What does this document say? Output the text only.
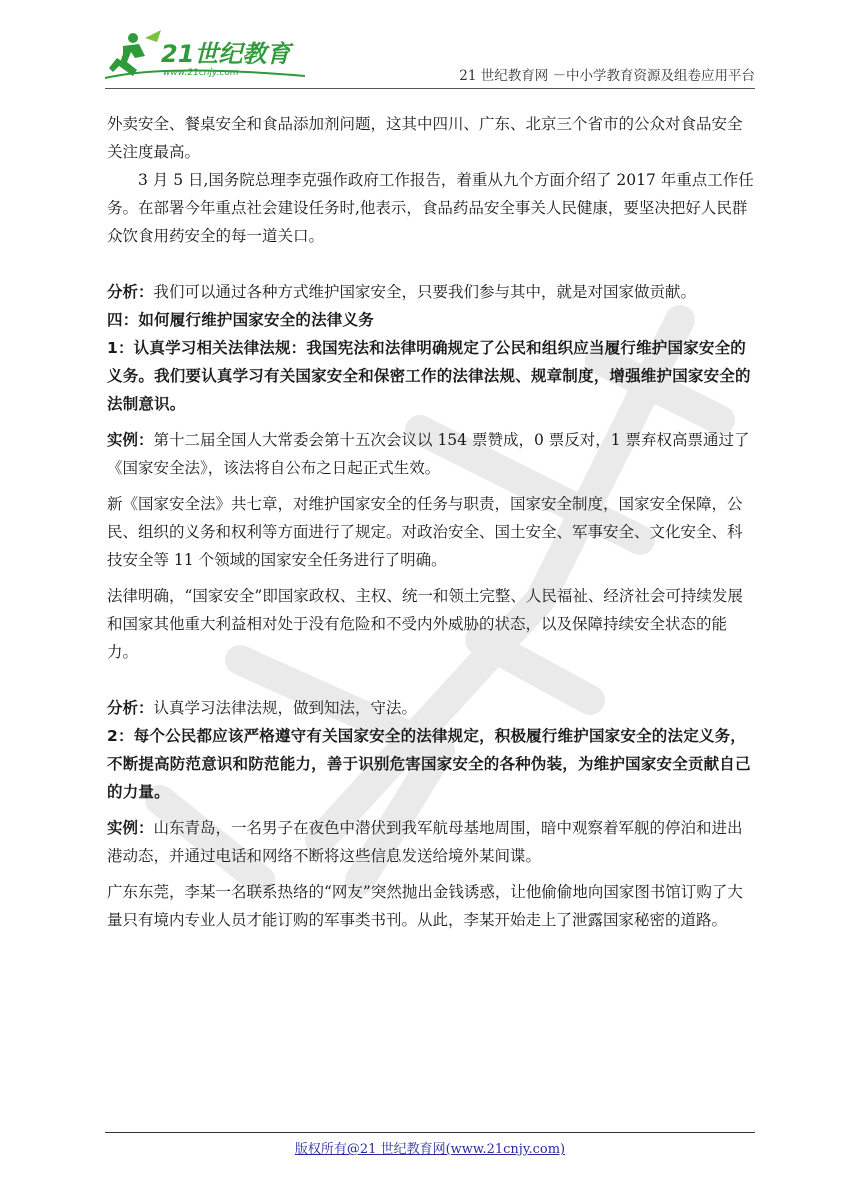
21世纪教育
www.21cnjy.com	21 世纪教育网 －中小学教育资源及组卷应用平台

外卖安全、餐桌安全和食品添加剂问题，这其中四川、广东、北京三个省市的公众对食品安全关注度最高。

3 月 5 日,国务院总理李克强作政府工作报告，着重从九个方面介绍了 2017 年重点工作任务。在部署今年重点社会建设任务时,他表示，食品药品安全事关人民健康，要坚决把好人民群众饮食用药安全的每一道关口。

分析：我们可以通过各种方式维护国家安全，只要我们参与其中，就是对国家做贡献。

四：如何履行维护国家安全的法律义务

1：认真学习相关法律法规：我国宪法和法律明确规定了公民和组织应当履行维护国家安全的义务。我们要认真学习有关国家安全和保密工作的法律法规、规章制度，增强维护国家安全的法制意识。

实例：第十二届全国人大常委会第十五次会议以 154 票赞成，0 票反对，1 票弃权高票通过了《国家安全法》，该法将自公布之日起正式生效。

新《国家安全法》共七章，对维护国家安全的任务与职责，国家安全制度，国家安全保障，公民、组织的义务和权利等方面进行了规定。对政治安全、国土安全、军事安全、文化安全、科技安全等 11 个领域的国家安全任务进行了明确。

法律明确，“国家安全”即国家政权、主权、统一和领土完整、人民福祉、经济社会可持续发展和国家其他重大利益相对处于没有危险和不受内外威胁的状态，以及保障持续安全状态的能力。

分析：认真学习法律法规，做到知法，守法。

2：每个公民都应该严格遵守有关国家安全的法律规定，积极履行维护国家安全的法定义务，不断提高防范意识和防范能力，善于识别危害国家安全的各种伪装，为维护国家安全贡献自己的力量。

实例：山东青岛，一名男子在夜色中潜伏到我军航母基地周围，暗中观察着军舰的停泊和进出港动态，并通过电话和网络不断将这些信息发送给境外某间谍。

广东东莞，李某一名联系热络的“网友”突然抛出金钱诱惑，让他偷偷地向国家图书馆订购了大量只有境内专业人员才能订购的军事类书刊。从此，李某开始走上了泄露国家秘密的道路。

版权所有@21 世纪教育网(www.21cnjy.com)
